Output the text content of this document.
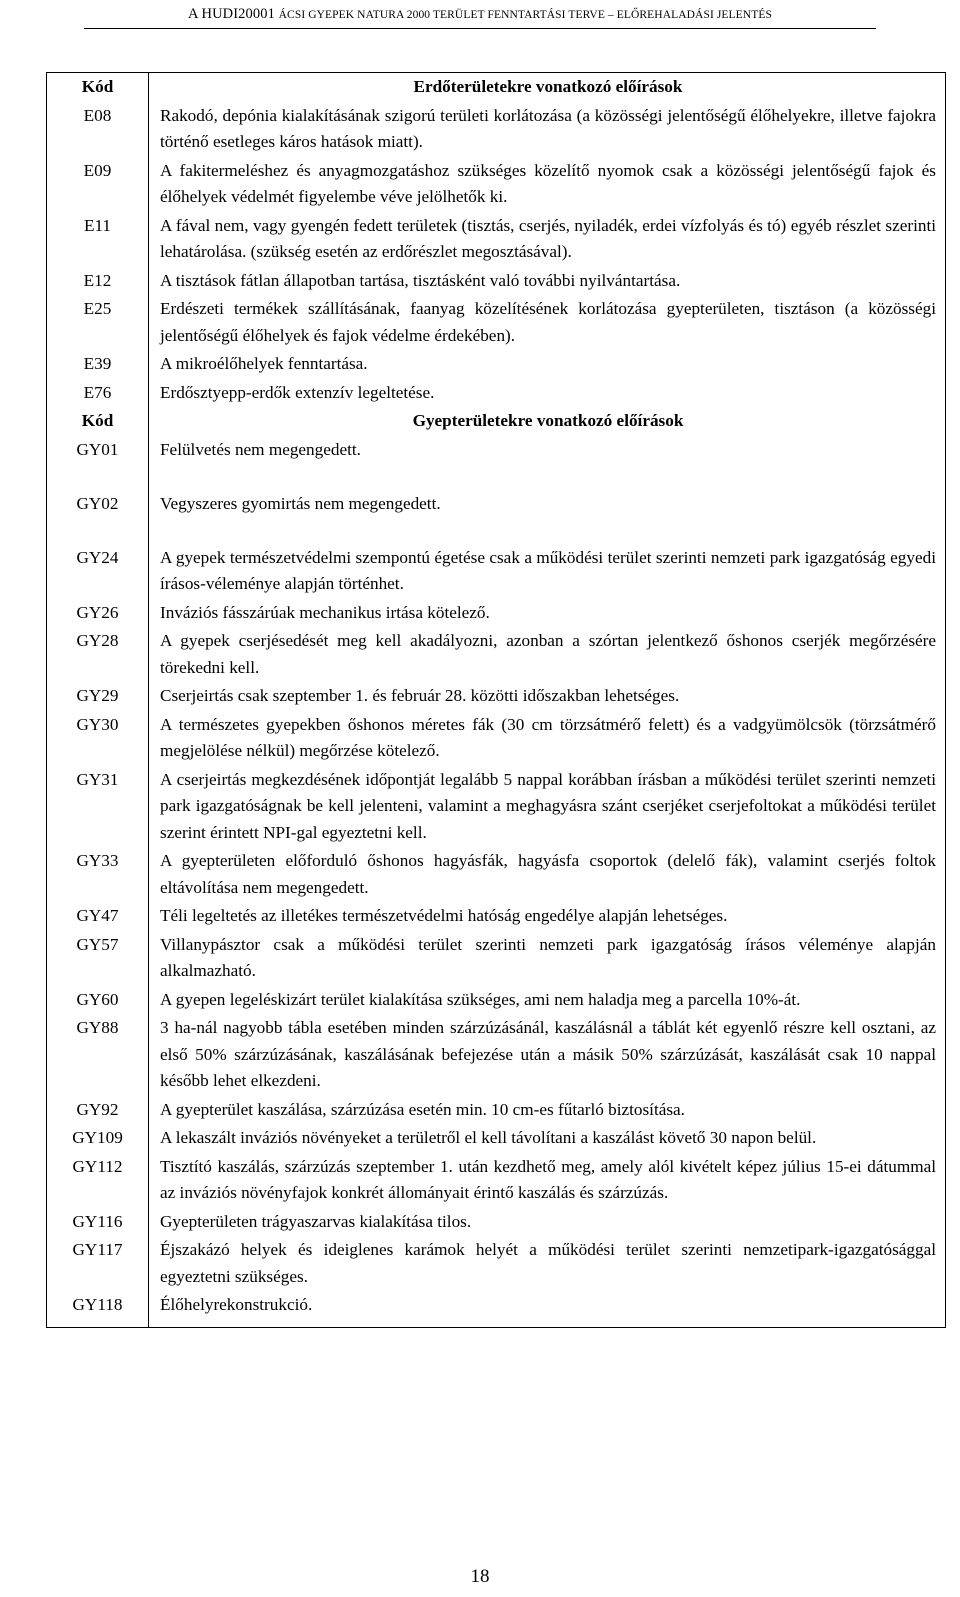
A HUDI20001 ÁCSI GYEPEK NATURA 2000 TERÜLET FENNTARTÁSI TERVE – ELŐREHALADÁSI JELENTÉS
Kód	Erdőterületekre vonatkozó előírások
E08	Rakodó, depónia kialakításának szigorú területi korlátozása (a közösségi jelentőségű élőhelyekre, illetve fajokra történő esetleges káros hatások miatt).
E09	A fakitermeléshez és anyagmozgatáshoz szükséges közelítő nyomok csak a közösségi jelentőségű fajok és élőhelyek védelmét figyelembe véve jelölhetők ki.
E11	A fával nem, vagy gyengén fedett területek (tisztás, cserjés, nyiladék, erdei vízfolyás és tó) egyéb részlet szerinti lehatárolása. (szükség esetén az erdőrészlet megosztásával).
E12	A tisztások fátlan állapotban tartása, tisztásként való további nyilvántartása.
E25	Erdészeti termékek szállításának, faanyag közelítésének korlátozása gyepterületen, tisztáson (a közösségi jelentőségű élőhelyek és fajok védelme érdekében).
E39	A mikroélőhelyek fenntartása.
E76	Erdősztyepp-erdők extenzív legeltetése.
Kód	Gyepterületekre vonatkozó előírások
GY01	Felülvetés nem megengedett.
GY02	Vegyszeres gyomirtás nem megengedett.
GY24	A gyepek természetvédelmi szempontú égetése csak a működési terület szerinti nemzeti park igazgatóság egyedi írásos-véleménye alapján történhet.
GY26	Inváziós fásszárúak mechanikus irtása kötelező.
GY28	A gyepek cserjésedését meg kell akadályozni, azonban a szórtan jelentkező őshonos cserjék megőrzésére törekedni kell.
GY29	Cserjeirtás csak szeptember 1. és február 28. közötti időszakban lehetséges.
GY30	A természetes gyepekben őshonos méretes fák (30 cm törzsátmérő felett) és a vadgyümölcsök (törzsátmérő megjelölése nélkül) megőrzése kötelező.
GY31	A cserjeirtás megkezdésének időpontját legalább 5 nappal korábban írásban a működési terület szerinti nemzeti park igazgatóságnak be kell jelenteni, valamint a meghagyásra szánt cserjéket cserjefoltokat a működési terület szerint érintett NPI-gal egyeztetni kell.
GY33	A gyepterületen előforduló őshonos hagyásfák, hagyásfa csoportok (delelő fák), valamint cserjés foltok eltávolítása nem megengedett.
GY47	Téli legeltetés az illetékes természetvédelmi hatóság engedélye alapján lehetséges.
GY57	Villanypásztor csak a működési terület szerinti nemzeti park igazgatóság írásos véleménye alapján alkalmazható.
GY60	A gyepen legeléskizárt terület kialakítása szükséges, ami nem haladja meg a parcella 10%-át.
GY88	3 ha-nál nagyobb tábla esetében minden szárzúzásánál, kaszálásnál a táblát két egyenlő részre kell osztani, az első 50% szárzúzásának, kaszálásának befejezése után a másik 50% szárzúzását, kaszálását csak 10 nappal később lehet elkezdeni.
GY92	A gyepterület kaszálása, szárzúzása esetén min. 10 cm-es fűtarló biztosítása.
GY109	A lekaszált inváziós növényeket a területről el kell távolítani a kaszálást követő 30 napon belül.
GY112	Tisztító kaszálás, szárzúzás szeptember 1. után kezdhető meg, amely alól kivételt képez július 15-ei dátummal az inváziós növényfajok konkrét állományait érintő kaszálás és szárzúzás.
GY116	Gyepterületen trágyaszarvas kialakítása tilos.
GY117	Éjszakázó helyek és ideiglenes karámok helyét a működési terület szerinti nemzetipark-igazgatósággal egyeztetni szükséges.
GY118	Élőhelyrekonstrukció.
18
